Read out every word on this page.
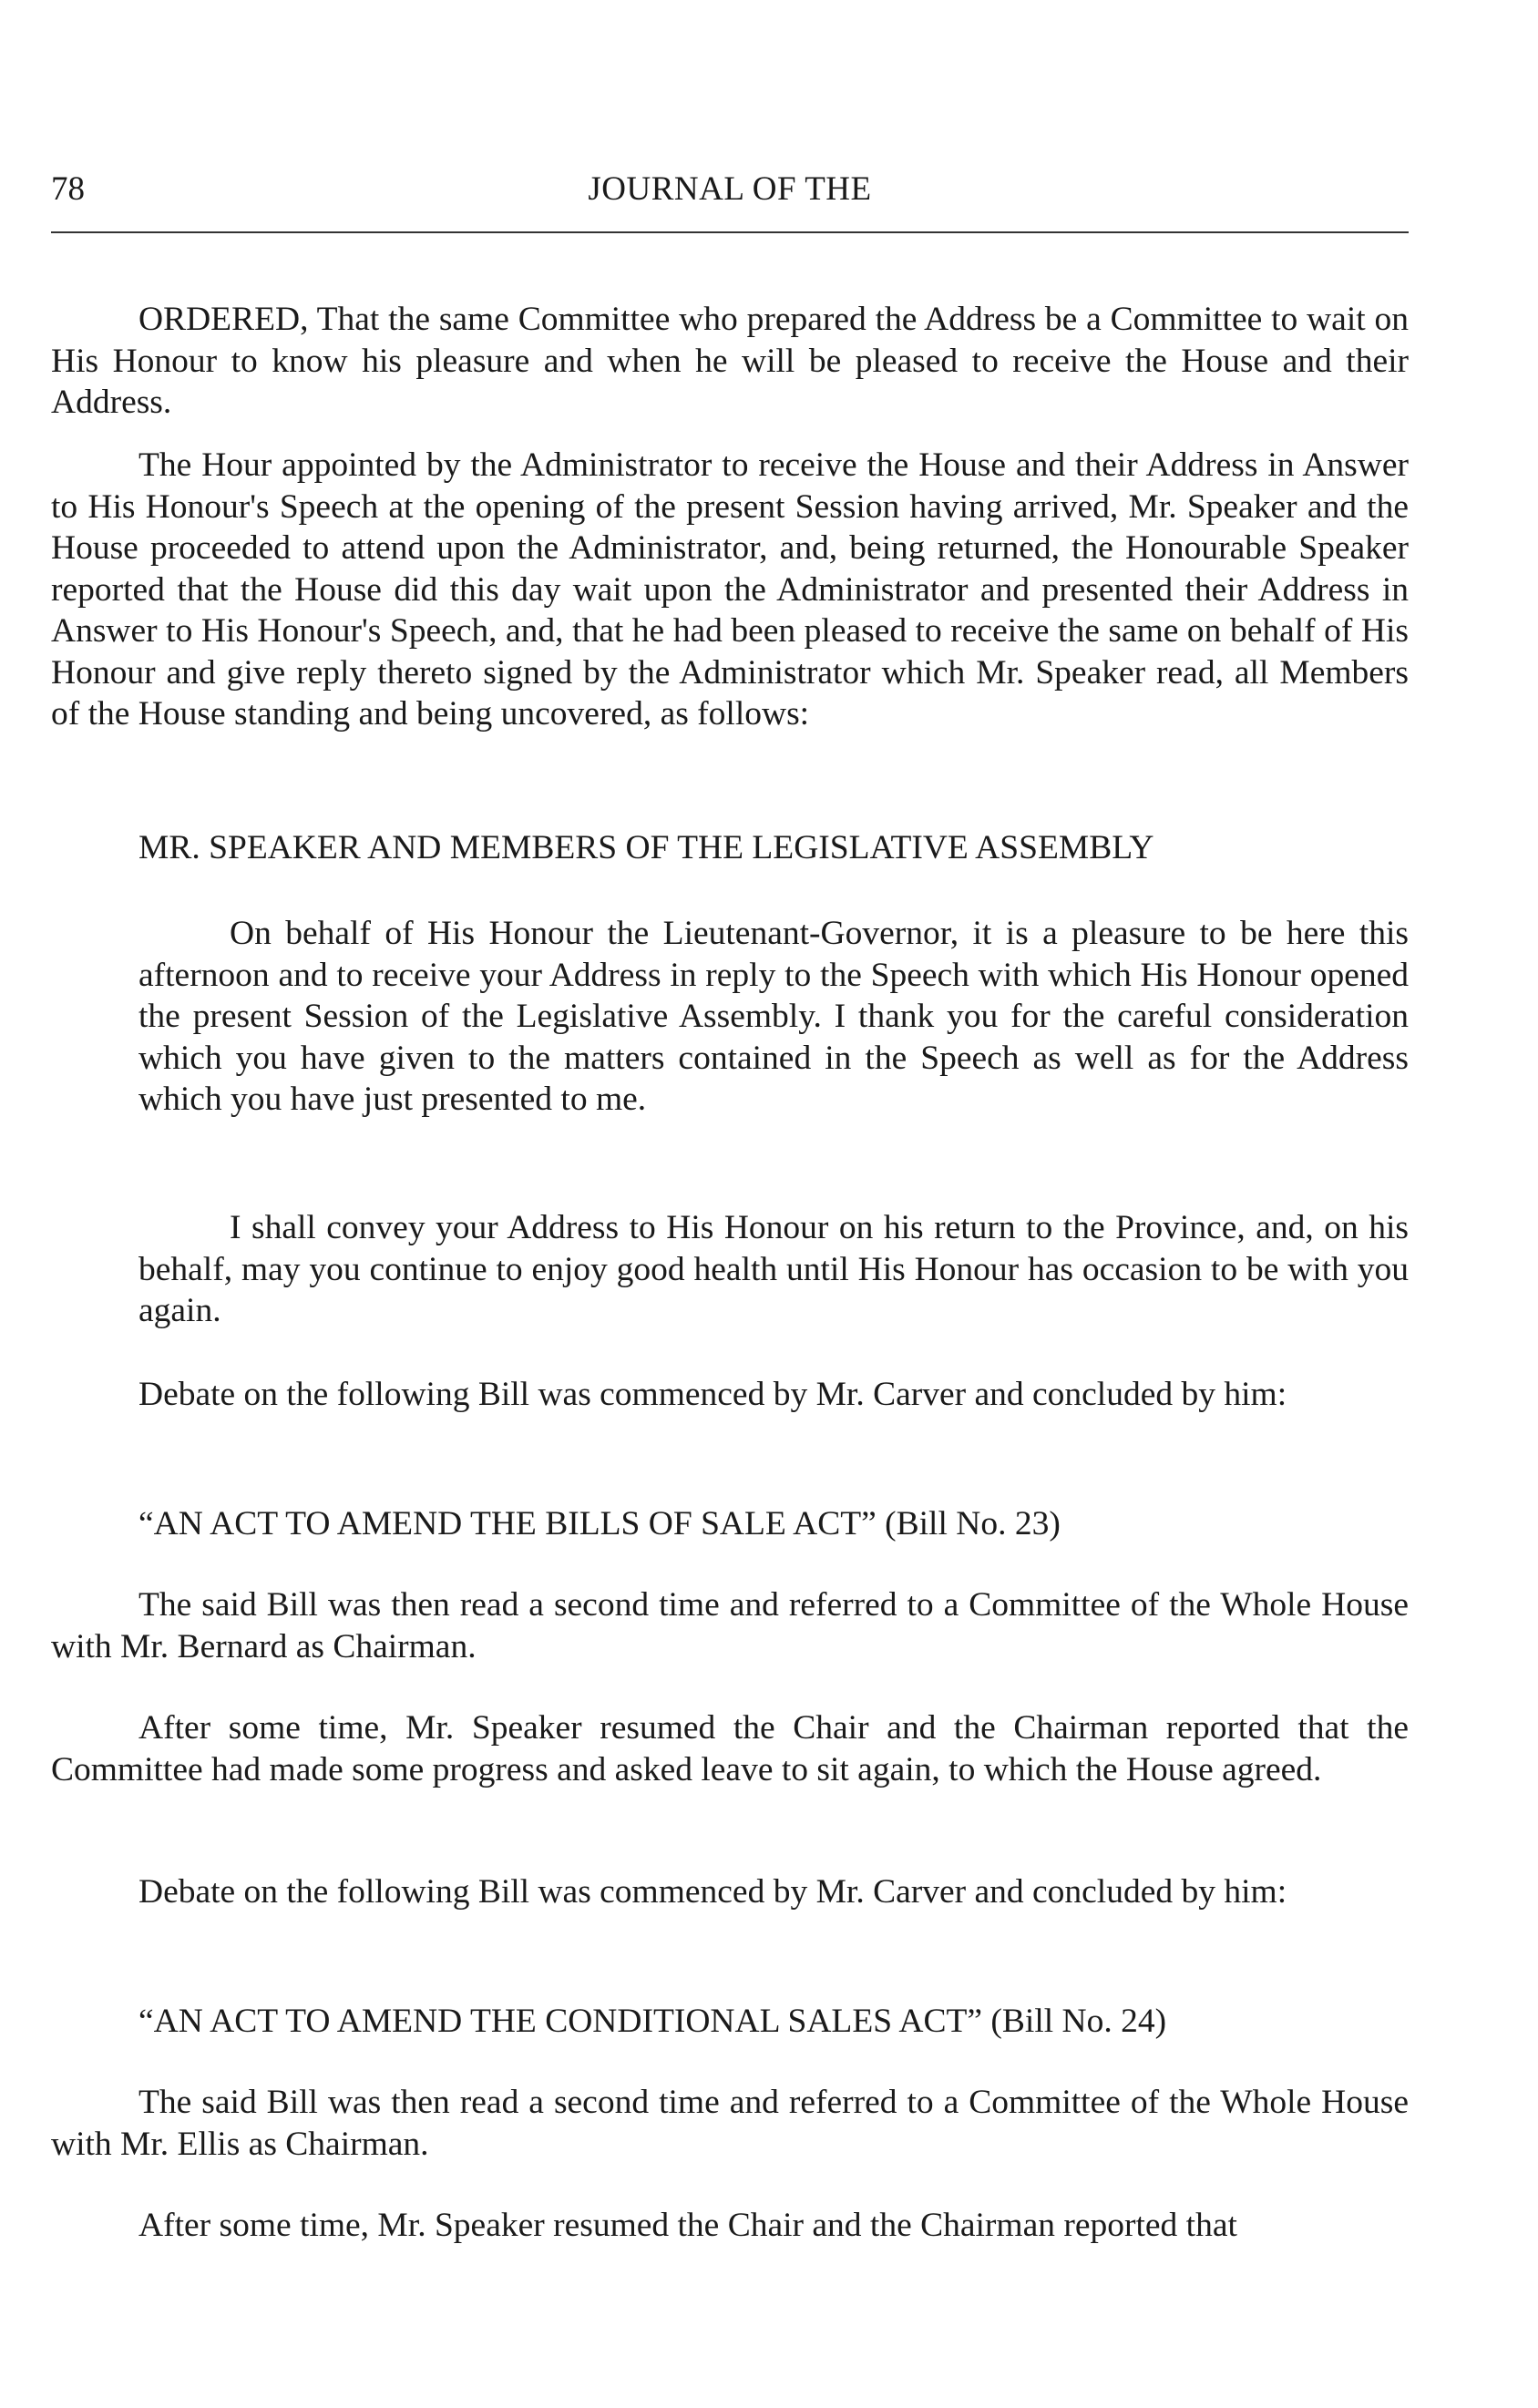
78	JOURNAL OF THE

ORDERED, That the same Committee who prepared the Address be a Committee to wait on His Honour to know his pleasure and when he will be pleased to receive the House and their Address.

The Hour appointed by the Administrator to receive the House and their Address in Answer to His Honour's Speech at the opening of the present Session having arrived, Mr. Speaker and the House proceeded to attend upon the Administrator, and, being returned, the Honourable Speaker reported that the House did this day wait upon the Administrator and presented their Address in Answer to His Honour's Speech, and, that he had been pleased to receive the same on behalf of His Honour and give reply thereto signed by the Administrator which Mr. Speaker read, all Members of the House standing and being uncovered, as follows:

MR. SPEAKER AND MEMBERS OF THE LEGISLATIVE ASSEMBLY

On behalf of His Honour the Lieutenant-Governor, it is a pleasure to be here this afternoon and to receive your Address in reply to the Speech with which His Honour opened the present Session of the Legislative Assembly. I thank you for the careful consideration which you have given to the matters contained in the Speech as well as for the Address which you have just presented to me.

I shall convey your Address to His Honour on his return to the Province, and, on his behalf, may you continue to enjoy good health until His Honour has occasion to be with you again.

Debate on the following Bill was commenced by Mr. Carver and concluded by him:

“AN ACT TO AMEND THE BILLS OF SALE ACT” (Bill No. 23)

The said Bill was then read a second time and referred to a Committee of the Whole House with Mr. Bernard as Chairman.

After some time, Mr. Speaker resumed the Chair and the Chairman reported that the Committee had made some progress and asked leave to sit again, to which the House agreed.

Debate on the following Bill was commenced by Mr. Carver and concluded by him:

“AN ACT TO AMEND THE CONDITIONAL SALES ACT” (Bill No. 24)

The said Bill was then read a second time and referred to a Committee of the Whole House with Mr. Ellis as Chairman.

After some time, Mr. Speaker resumed the Chair and the Chairman reported that
